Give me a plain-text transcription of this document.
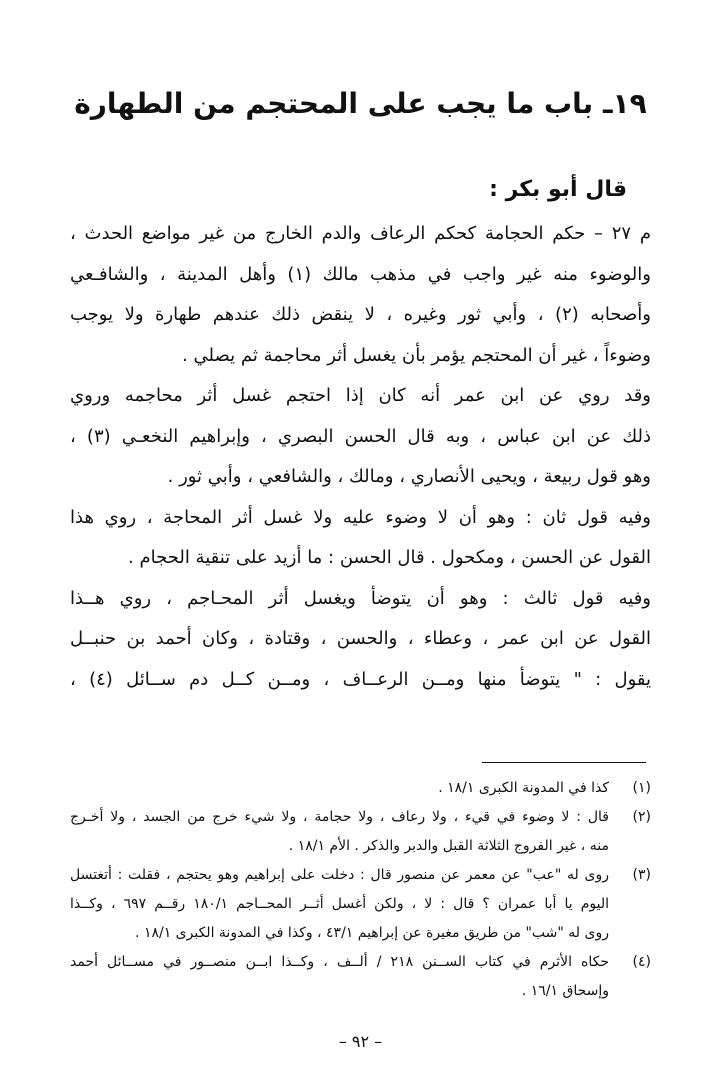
١٩ـ باب ما يجب على المحتجم من الطهارة
قال أبو بكر :
م ٢٧ – حكم الحجامة كحكم الرعاف والدم الخارج من غير مواضع الحدث ،
والوضوء منه غير واجب في مذهب مالك (١) وأهل المدينة ، والشافـعي
وأصحابه (٢) ، وأبي ثور وغيره ، لا ينقض ذلك عندهم طهارة ولا يوجب
وضوءاً ، غير أن المحتجم يؤمر بأن يغسل أثر محاجمة ثم يصلي .
وقد روي عن ابن عمر أنه كان إذا احتجم غسل أثر محاجمه وروي
ذلك عن ابن عباس ، وبه قال الحسن البصري ، وإبراهيم النخعـي (٣) ،
وهو قول ربيعة ، ويحيى الأنصاري ، ومالك ، والشافعي ، وأبي ثور .
وفيه قول ثان : وهو أن لا وضوء عليه ولا غسل أثر المحاجة ، روي هذا
القول عن الحسن ، ومكحول . قال الحسن : ما أزيد على تنقية الحجام .
وفيه قول ثالث : وهو أن يتوضأ ويغسل أثر المحـاجم ، روي هــذا
القول عن ابن عمر ، وعطاء ، والحسن ، وقتادة ، وكان أحمد بن حنبــل
يقول : " يتوضأ منها ومــن الرعــاف ، ومــن كــل دم ســائل (٤) ،
(١)
كذا في المدونة الكبرى ١٨/١ .
(٢)
قال : لا وضوء في قيء ، ولا رعاف ، ولا حجامة ، ولا شيء خرج من الجسد ، ولا أخـرج
منه ، غير الفروج الثلاثة القبل والدبر والذكر . الأم ١٨/١ .
(٣)
روى له "عب" عن معمر عن منصور قال : دخلت على إبراهيم وهو يحتجم ، فقلت : أتغتسل
اليوم يا أبا عمران ؟ قال : لا ، ولكن أغسل أثــر المحــاجم ١٨٠/١ رقــم ٦٩٧ ، وكــذا
روى له "شب" من طريق مغيرة عن إبراهيم ٤٣/١ ، وكذا في المدونة الكبرى ١٨/١ .
(٤)
حكاه الأثرم في كتاب الســنن ٢١٨ / ألــف ، وكــذا ابــن منصــور في مســائل أحمد
وإسحاق ١٦/١ .
– ٩٢ –
